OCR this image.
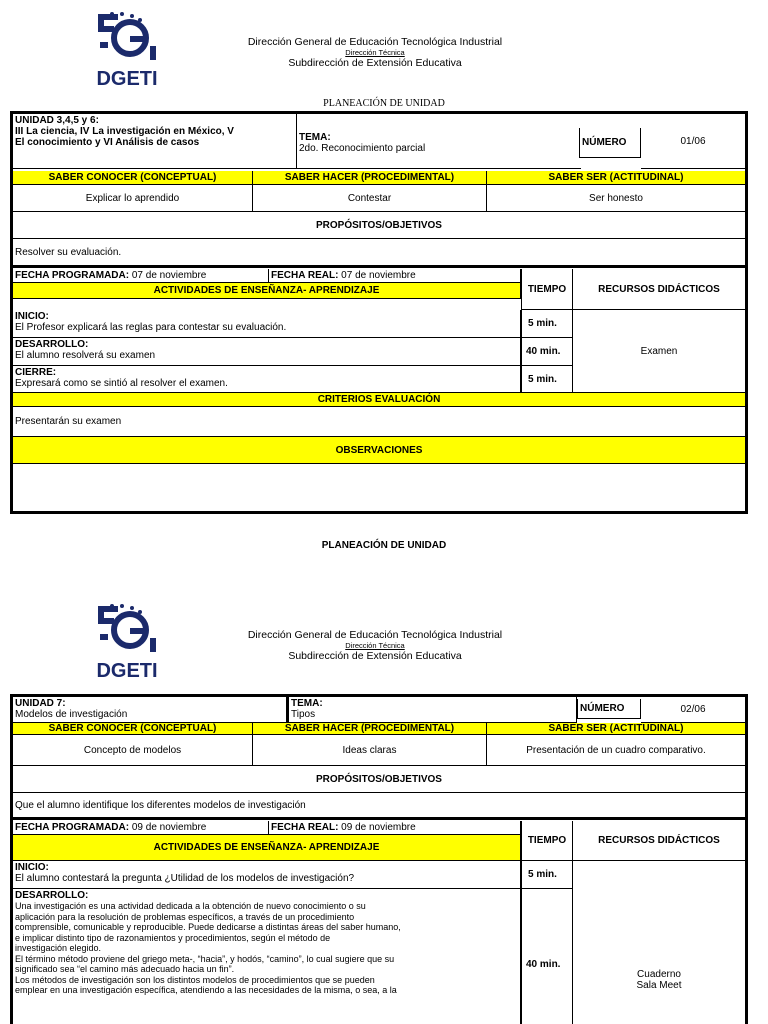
DGETI
Dirección General de Educación Tecnológica Industrial
Dirección Técnica
Subdirección de Extensión Educativa
PLANEACIÓN DE UNIDAD
UNIDAD 3,4,5 y 6:
III La ciencia, IV La investigación en México, V
El conocimiento y VI Análisis de casos	TEMA:
2do. Reconocimiento parcial
NÚMERO	01/06
SABER CONOCER (CONCEPTUAL)	SABER HACER (PROCEDIMENTAL)	SABER SER (ACTITUDINAL)
Explicar lo aprendido	Contestar	Ser honesto
PROPÓSITOS/OBJETIVOS
Resolver su evaluación.
FECHA PROGRAMADA: 07 de noviembre	FECHA REAL: 07 de noviembre
ACTIVIDADES DE ENSEÑANZA- APRENDIZAJE	TIEMPO	RECURSOS DIDÁCTICOS
INICIO:
El Profesor explicará las reglas para contestar su evaluación.	5 min.
DESARROLLO:
El alumno resolverá su examen	40 min.
CIERRE:
Expresará como se sintió al resolver el examen.	5 min.
Examen
CRITERIOS EVALUACIÓN
Presentarán su examen
OBSERVACIONES
PLANEACIÓN DE UNIDAD
DGETI
Dirección General de Educación Tecnológica Industrial
Dirección Técnica
Subdirección de Extensión Educativa
UNIDAD 7:
Modelos de investigación
TEMA:
Tipos
NÚMERO	02/06
SABER CONOCER (CONCEPTUAL)	SABER HACER (PROCEDIMENTAL)	SABER SER (ACTITUDINAL)
Concepto de modelos	Ideas claras	Presentación de un cuadro comparativo.
PROPÓSITOS/OBJETIVOS
Que el alumno identifique los diferentes modelos de investigación
FECHA PROGRAMADA: 09 de noviembre	FECHA REAL: 09 de noviembre
ACTIVIDADES DE ENSEÑANZA- APRENDIZAJE
TIEMPO	RECURSOS DIDÁCTICOS
INICIO:
El alumno contestará la pregunta ¿Utilidad de los modelos de investigación?	5 min.
DESARROLLO:
Una investigación es una actividad dedicada a la obtención de nuevo conocimiento o su
aplicación para la resolución de problemas específicos, a través de un procedimiento
comprensible, comunicable y reproducible. Puede dedicarse a distintas áreas del saber humano,
e implicar distinto tipo de razonamientos y procedimientos, según el método de
investigación elegido.
El término método proviene del griego meta-, “hacia”, y hodós, “camino”, lo cual sugiere que su
significado sea “el camino más adecuado hacia un fin”.
Los métodos de investigación son los distintos modelos de procedimientos que se pueden
emplear en una investigación específica, atendiendo a las necesidades de la misma, o sea, a la
40 min.
Cuaderno
Sala Meet
